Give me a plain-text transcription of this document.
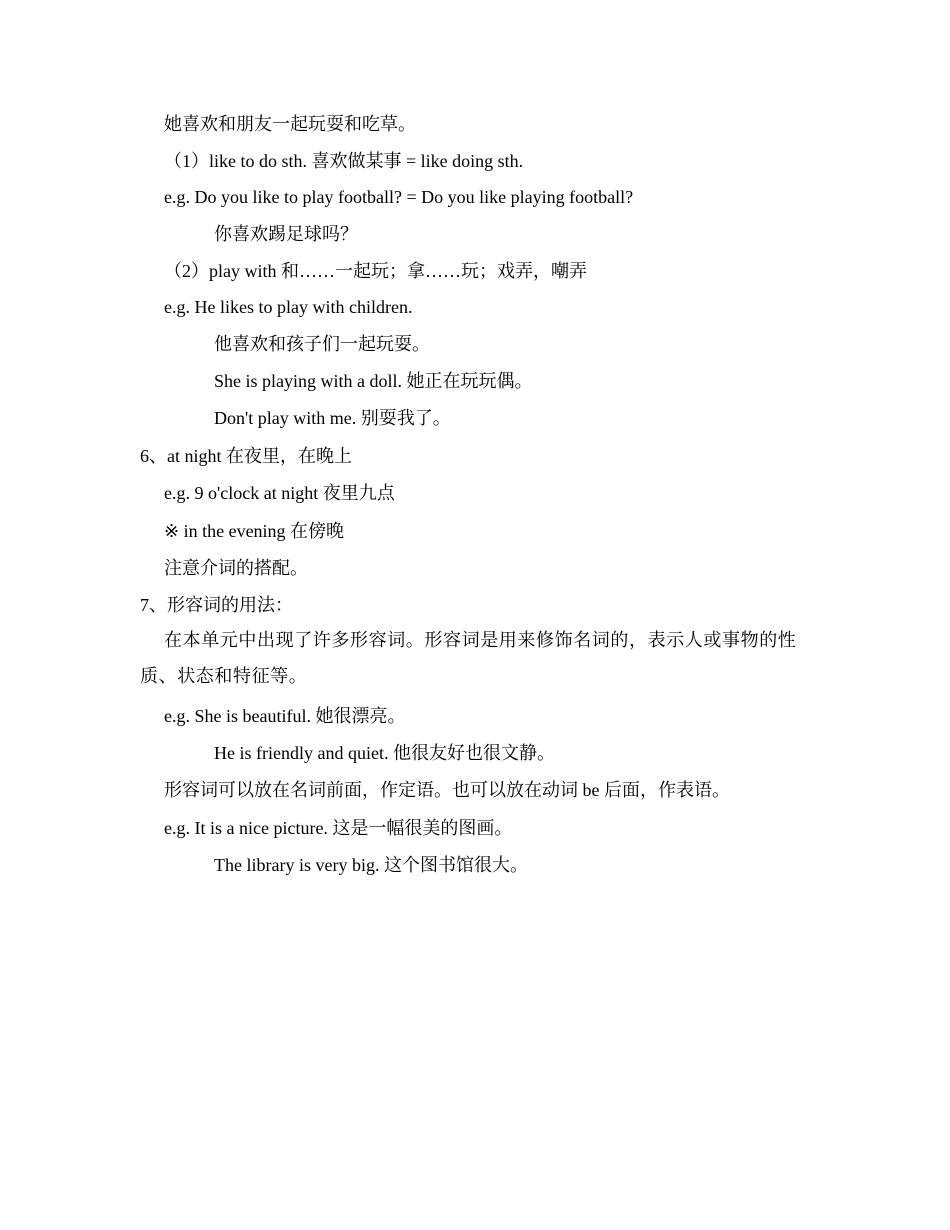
她喜欢和朋友一起玩耍和吃草。
（1）like to do sth. 喜欢做某事 = like doing sth.
e.g. Do you like to play football? = Do you like playing football?
你喜欢踢足球吗？
（2）play with 和……一起玩；拿……玩；戏弄，嘲弄
e.g. He likes to play with children.
他喜欢和孩子们一起玩耍。
She is playing with a doll. 她正在玩玩偶。
Don't play with me. 别耍我了。
6、at night 在夜里，在晚上
e.g. 9 o'clock at night 夜里九点
※ in the evening 在傍晚
注意介词的搭配。
7、形容词的用法：
在本单元中出现了许多形容词。形容词是用来修饰名词的，表示人或事物的性质、状态和特征等。
e.g. She is beautiful. 她很漂亮。
He is friendly and quiet. 他很友好也很文静。
形容词可以放在名词前面，作定语。也可以放在动词 be 后面，作表语。
e.g. It is a nice picture. 这是一幅很美的图画。
The library is very big. 这个图书馆很大。
